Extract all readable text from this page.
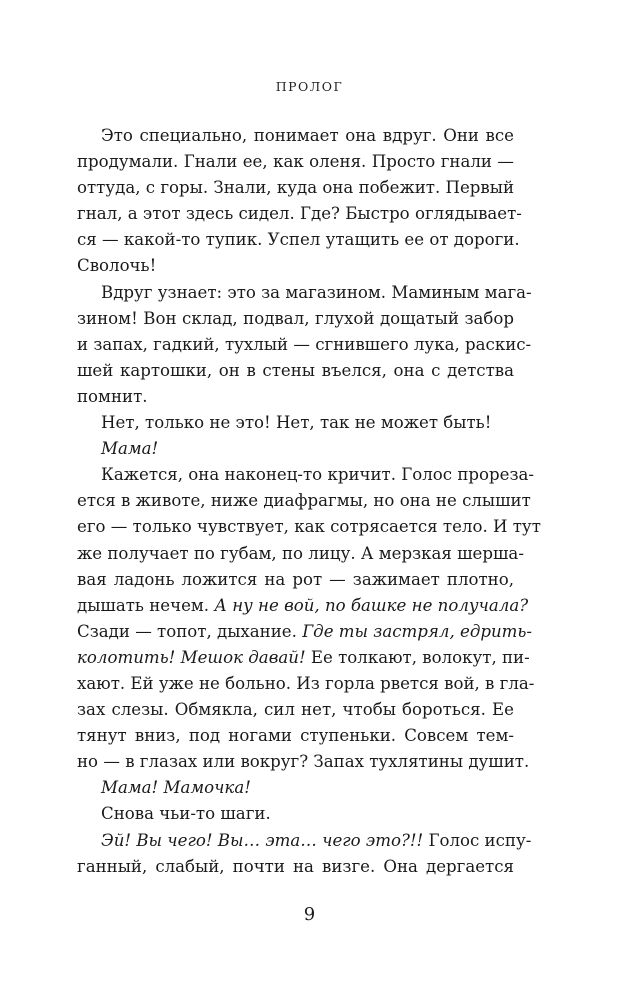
ПРОЛОГ
Это специально, понимает она вдруг. Они все
продумали. Гнали ее, как оленя. Просто гнали —
оттуда, с горы. Знали, куда она побежит. Первый
гнал, а этот здесь сидел. Где? Быстро оглядывает-
ся — какой-то тупик. Успел утащить ее от дороги.
Сволочь!
Вдруг узнает: это за магазином. Маминым мага-
зином! Вон склад, подвал, глухой дощатый забор
и запах, гадкий, тухлый — сгнившего лука, раскис-
шей картошки, он в стены въелся, она с детства
помнит.
Нет, только не это! Нет, так не может быть!
Мама!
Кажется, она наконец-то кричит. Голос прореза-
ется в животе, ниже диафрагмы, но она не слышит
его — только чувствует, как сотрясается тело. И тут
же получает по губам, по лицу. А мерзкая шерша-
вая ладонь ложится на рот — зажимает плотно,
дышать нечем. А ну не вой, по башке не получала?
Сзади — топот, дыхание. Где ты застрял, едрить-
колотить! Мешок давай! Ее толкают, волокут, пи-
хают. Ей уже не больно. Из горла рвется вой, в гла-
зах слезы. Обмякла, сил нет, чтобы бороться. Ее
тянут вниз, под ногами ступеньки. Совсем тем-
но — в глазах или вокруг? Запах тухлятины душит.
Мама! Мамочка!
Снова чьи-то шаги.
Эй! Вы чего! Вы… эта… чего это?!! Голос испу-
ганный, слабый, почти на визге. Она дергается
9
